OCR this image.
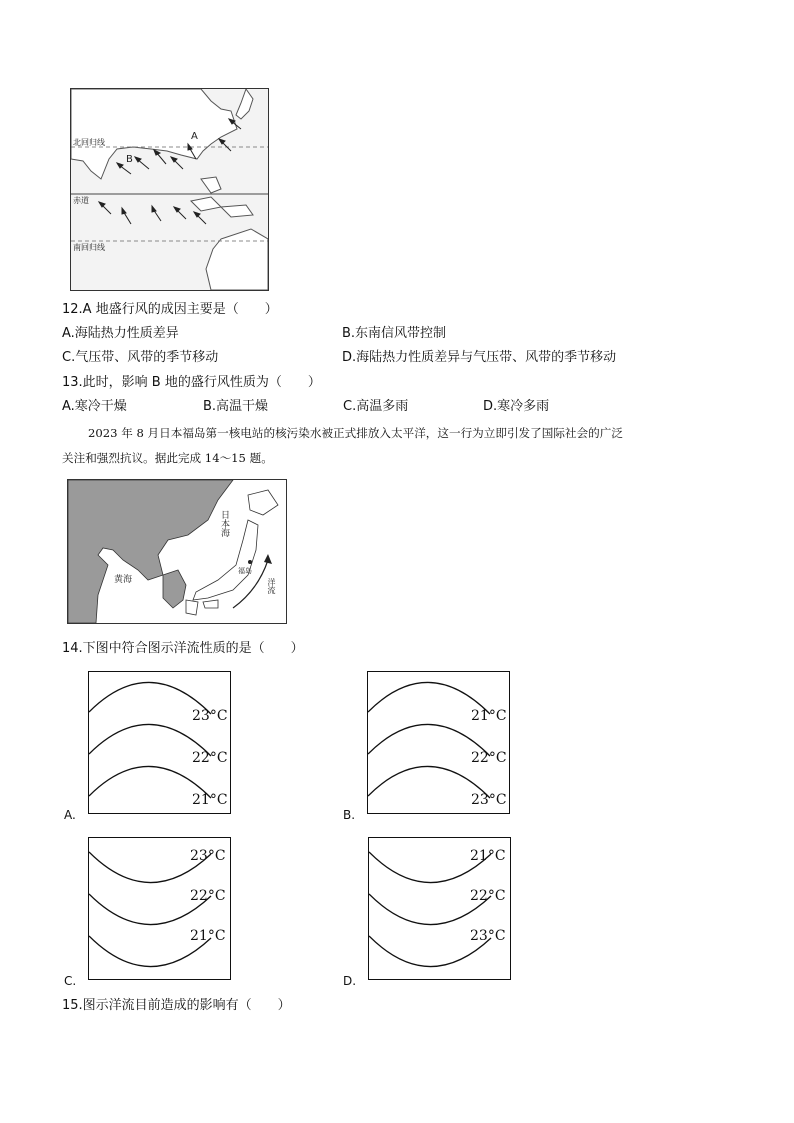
北回归线
赤道
南回归线
A
B
12.A 地盛行风的成因主要是（　　）
A.海陆热力性质差异	B.东南信风带控制
C.气压带、风带的季节移动	D.海陆热力性质差异与气压带、风带的季节移动
13.此时，影响 B 地的盛行风性质为（　　）
A.寒冷干燥	B.高温干燥	C.高温多雨	D.寒冷多雨
2023 年 8 月日本福岛第一核电站的核污染水被正式排放入太平洋，这一行为立即引发了国际社会的广泛
关注和强烈抗议。据此完成 14～15 题。
日本海
黄海
福岛
洋流
14.下图中符合图示洋流性质的是（　　）
23°C
22°C
21°C
A.
21°C
22°C
23°C
B.
23°C
22°C
21°C
C.
21°C
22°C
23°C
D.
15.图示洋流目前造成的影响有（　　）
